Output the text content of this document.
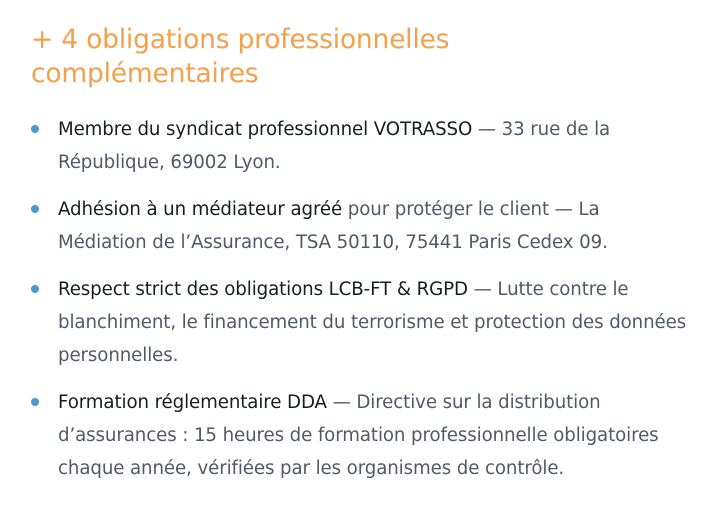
+ 4 obligations professionnelles complémentaires
Membre du syndicat professionnel VOTRASSO — 33 rue de la République, 69002 Lyon.
Adhésion à un médiateur agréé pour protéger le client — La Médiation de l’Assurance, TSA 50110, 75441 Paris Cedex 09.
Respect strict des obligations LCB-FT & RGPD — Lutte contre le blanchiment, le financement du terrorisme et protection des données personnelles.
Formation réglementaire DDA — Directive sur la distribution d’assurances : 15 heures de formation professionnelle obligatoires chaque année, vérifiées par les organismes de contrôle.
